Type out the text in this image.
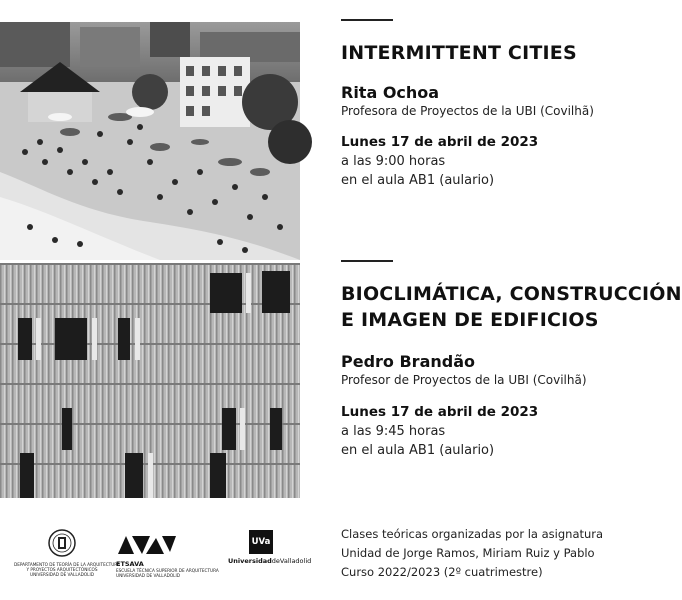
INTERMITTENT CITIES
Rita Ochoa
Profesora de Proyectos de la UBI (Covilhã)
Lunes 17 de abril de 2023
a las 9:00 horas
en el aula AB1 (aulario)
BIOCLIMÁTICA, CONSTRUCCIÓN
E IMAGEN DE EDIFICIOS
Pedro Brandão
Profesor de Proyectos de la UBI (Covilhã)
Lunes 17 de abril de 2023
a las 9:45 horas
en el aula AB1 (aulario)
DEPARTAMENTO DE TEORÍA DE LA ARQUITECTURA
Y PROYECTOS ARQUITECTÓNICOS
UNIVERSIDAD DE VALLADOLID
ETSAVA
ESCUELA TÉCNICA SUPERIOR DE ARQUITECTURA
UNIVERSIDAD DE VALLADOLID
UVa
UniversidaddeValladolid
Clases teóricas organizadas por la asignatura
Unidad de Jorge Ramos, Miriam Ruiz y Pablo
Curso 2022/2023 (2º cuatrimestre)
